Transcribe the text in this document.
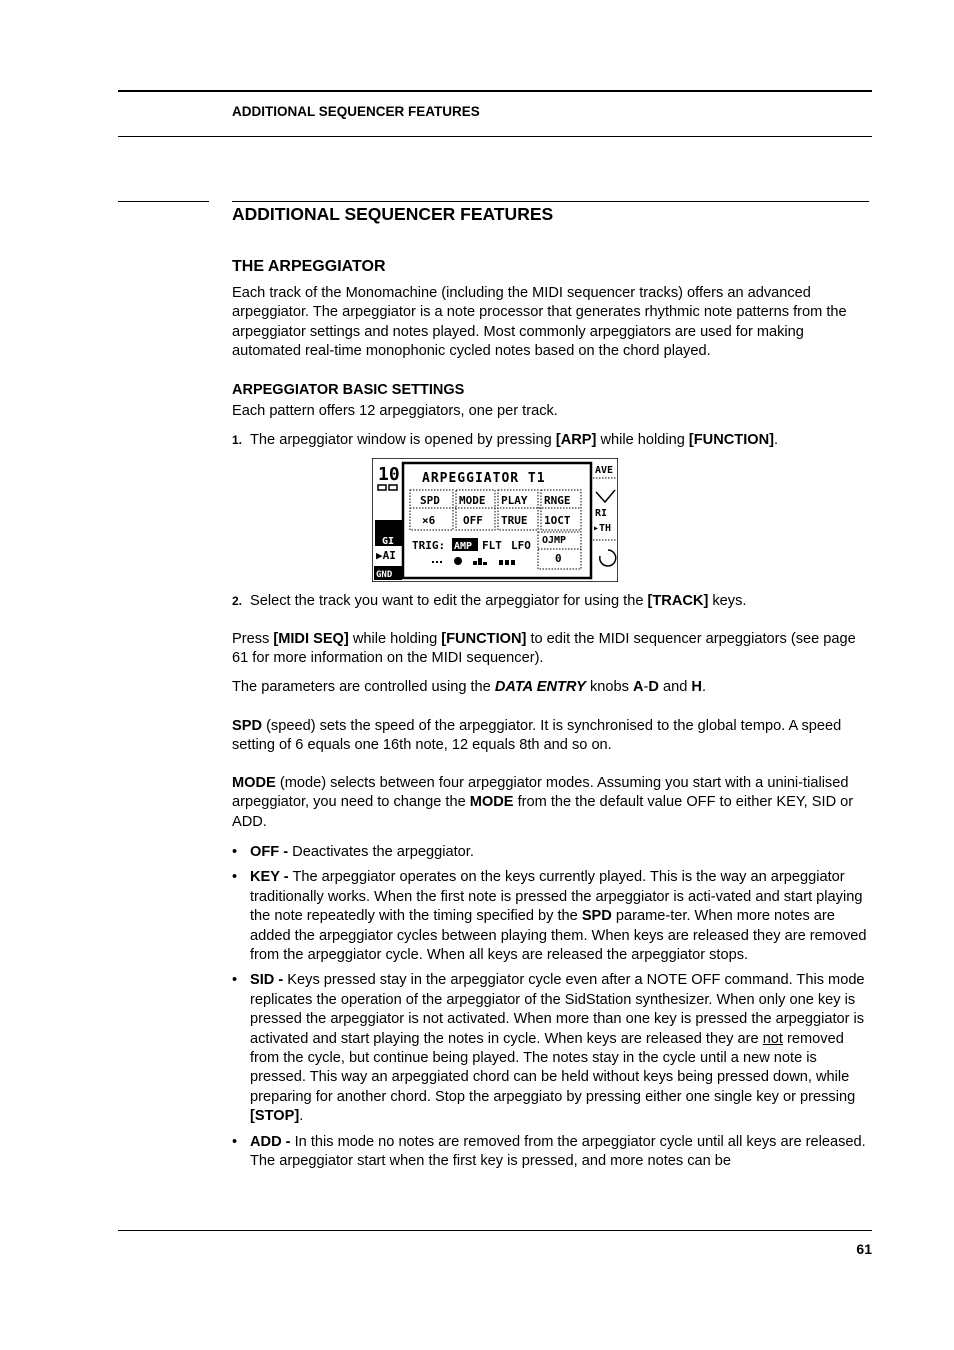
ADDITIONAL SEQUENCER FEATURES
ADDITIONAL SEQUENCER FEATURES
THE ARPEGGIATOR

Each track of the Monomachine (including the MIDI sequencer tracks) offers an advanced arpeggiator. The arpeggiator is a note processor that generates rhythmic note patterns from the arpeggiator settings and notes played. Most commonly arpeggiators are used for making automated real-time monophonic cycled notes based on the chord played.

ARPEGGIATOR BASIC SETTINGS
Each pattern offers 12 arpeggiators, one per track.
1. The arpeggiator window is opened by pressing [ARP] while holding [FUNCTION].
10
GI
▶AI
GND
ARPEGGIATOR T1
SPD MODE PLAY RNGE
×6	OFF TRUE 1OCT
TRIG: AMP FLT LFO OJMP
0
AVE
RI
▸TH
2. Select the track you want to edit the arpeggiator for using the [TRACK] keys.
Press [MIDI SEQ] while holding [FUNCTION] to edit the MIDI sequencer arpeggiators (see page 61 for more information on the MIDI sequencer).
The parameters are controlled using the DATA ENTRY knobs A-D and H.
SPD (speed) sets the speed of the arpeggiator. It is synchronised to the global tempo. A speed setting of 6 equals one 16th note, 12 equals 8th and so on.
MODE (mode) selects between four arpeggiator modes. Assuming you start with a unini-tialised arpeggiator, you need to change the MODE from the the default value OFF to either KEY, SID or ADD.
• OFF - Deactivates the arpeggiator.
• KEY - The arpeggiator operates on the keys currently played. This is the way an arpeggiator traditionally works. When the first note is pressed the arpeggiator is acti-vated and start playing the note repeatedly with the timing specified by the SPD parame-ter. When more notes are added the arpeggiator cycles between playing them. When keys are released they are removed from the arpeggiator cycle. When all keys are released the arpeggiator stops.
• SID - Keys pressed stay in the arpeggiator cycle even after a NOTE OFF command. This mode replicates the operation of the arpeggiator of the SidStation synthesizer. When only one key is pressed the arpeggiator is not activated. When more than one key is pressed the arpeggiator is activated and start playing the notes in cycle. When keys are released they are not removed from the cycle, but continue being played. The notes stay in the cycle until a new note is pressed. This way an arpeggiated chord can be held without keys being pressed down, while preparing for another chord. Stop the arpeggiato by pressing either one single key or pressing [STOP].
• ADD - In this mode no notes are removed from the arpeggiator cycle until all keys are released. The arpeggiator start when the first key is pressed, and more notes can be
61
